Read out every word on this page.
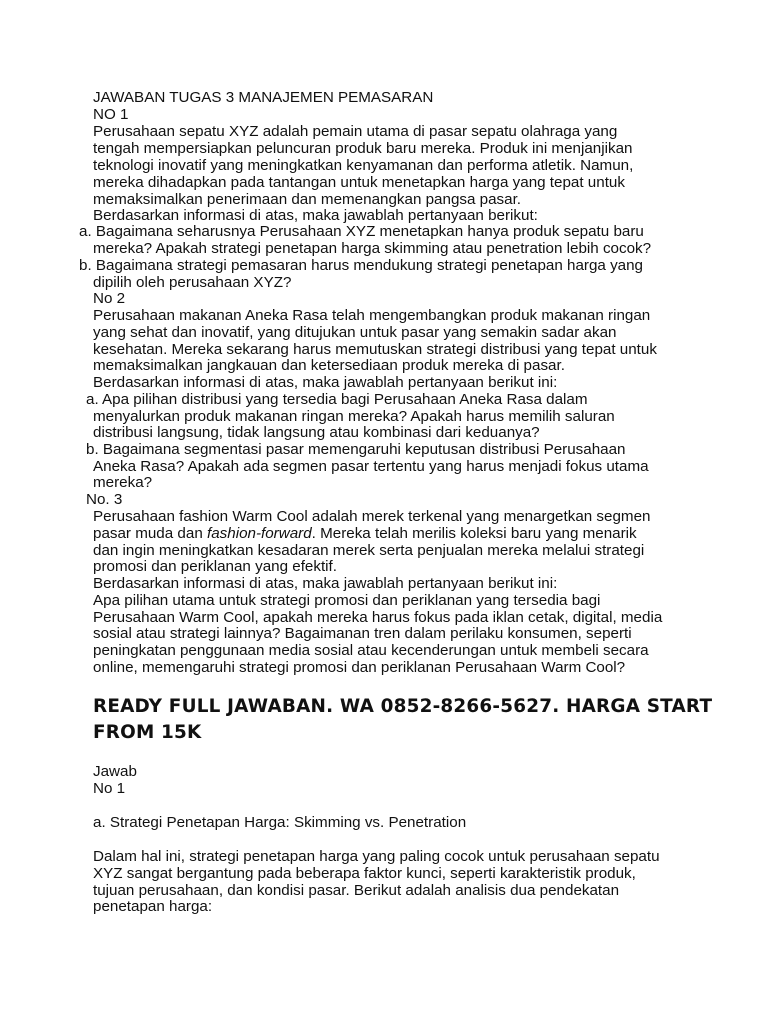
JAWABAN TUGAS 3 MANAJEMEN PEMASARAN
NO 1
Perusahaan sepatu XYZ adalah pemain utama di pasar sepatu olahraga yang
tengah mempersiapkan peluncuran produk baru mereka. Produk ini menjanjikan
teknologi inovatif yang meningkatkan kenyamanan dan performa atletik. Namun,
mereka dihadapkan pada tantangan untuk menetapkan harga yang tepat untuk
memaksimalkan penerimaan dan memenangkan pangsa pasar.
Berdasarkan informasi di atas, maka jawablah pertanyaan berikut:
a. Bagaimana seharusnya Perusahaan XYZ menetapkan hanya produk sepatu baru
mereka? Apakah strategi penetapan harga skimming atau penetration lebih cocok?
b. Bagaimana strategi pemasaran harus mendukung strategi penetapan harga yang
dipilih oleh perusahaan XYZ?
No 2
Perusahaan makanan Aneka Rasa telah mengembangkan produk makanan ringan
yang sehat dan inovatif, yang ditujukan untuk pasar yang semakin sadar akan
kesehatan. Mereka sekarang harus memutuskan strategi distribusi yang tepat untuk
memaksimalkan jangkauan dan ketersediaan produk mereka di pasar.
Berdasarkan informasi di atas, maka jawablah pertanyaan berikut ini:
a. Apa pilihan distribusi yang tersedia bagi Perusahaan Aneka Rasa dalam
menyalurkan produk makanan ringan mereka? Apakah harus memilih saluran
distribusi langsung, tidak langsung atau kombinasi dari keduanya?
b. Bagaimana segmentasi pasar memengaruhi keputusan distribusi Perusahaan
Aneka Rasa? Apakah ada segmen pasar tertentu yang harus menjadi fokus utama
mereka?
No. 3
Perusahaan fashion Warm Cool adalah merek terkenal yang menargetkan segmen
pasar muda dan fashion-forward. Mereka telah merilis koleksi baru yang menarik
dan ingin meningkatkan kesadaran merek serta penjualan mereka melalui strategi
promosi dan periklanan yang efektif.
Berdasarkan informasi di atas, maka jawablah pertanyaan berikut ini:
Apa pilihan utama untuk strategi promosi dan periklanan yang tersedia bagi
Perusahaan Warm Cool, apakah mereka harus fokus pada iklan cetak, digital, media
sosial atau strategi lainnya? Bagaimanan tren dalam perilaku konsumen, seperti
peningkatan penggunaan media sosial atau kecenderungan untuk membeli secara
online, memengaruhi strategi promosi dan periklanan Perusahaan Warm Cool?
READY FULL JAWABAN. WA 0852-8266-5627. HARGA START
FROM 15K
Jawab
No 1
a. Strategi Penetapan Harga: Skimming vs. Penetration
Dalam hal ini, strategi penetapan harga yang paling cocok untuk perusahaan sepatu
XYZ sangat bergantung pada beberapa faktor kunci, seperti karakteristik produk,
tujuan perusahaan, dan kondisi pasar. Berikut adalah analisis dua pendekatan
penetapan harga:
